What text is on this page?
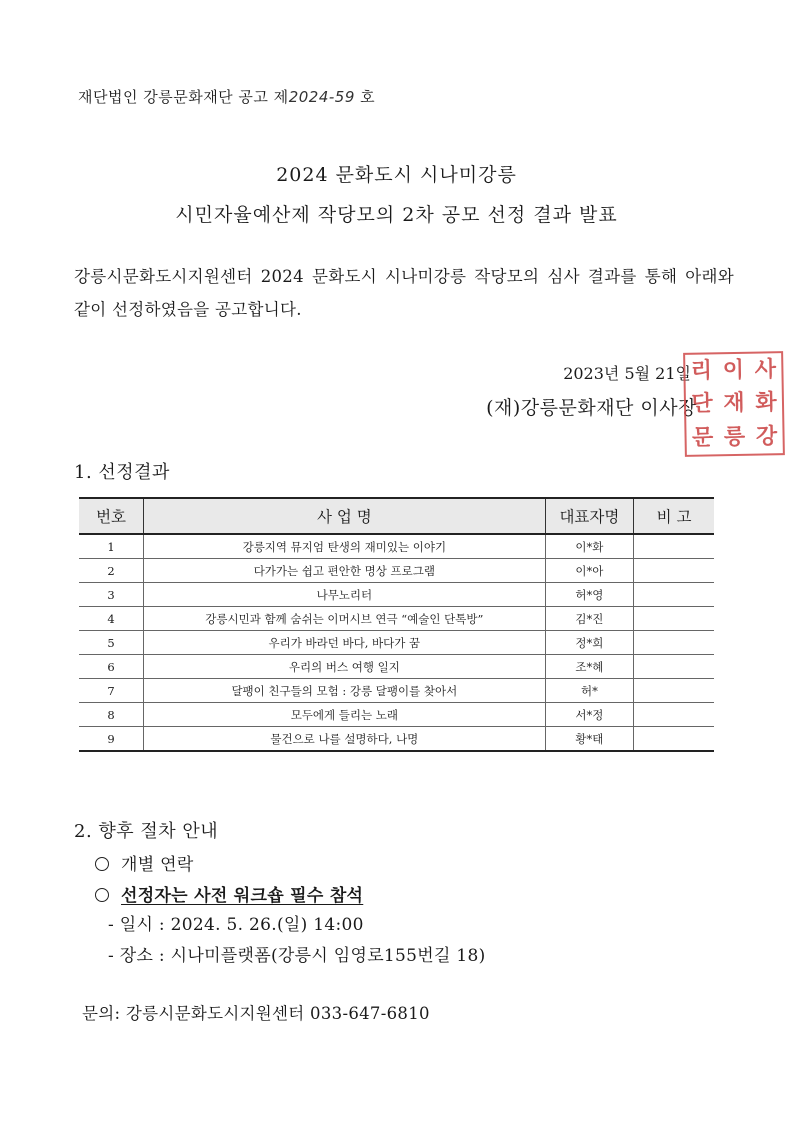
재단법인 강릉문화재단 공고 제2024-59 호
2024 문화도시 시나미강릉
시민자율예산제 작당모의 2차 공모 선정 결과 발표
강릉시문화도시지원센터 2024 문화도시 시나미강릉 작당모의 심사 결과를 통해 아래와 같이 선정하였음을 공고합니다.
2023년 5월 21일
(재)강릉문화재단 이사장
리 이 사
단 재 화
문 릉 강
1. 선정결과
번호	사 업 명	대표자명	비 고
1	강릉지역 뮤지엄 탄생의 재미있는 이야기	이*화	
2	다가가는 쉽고 편안한 명상 프로그램	이*아	
3	나무노리터	허*영	
4	강릉시민과 함께 숨쉬는 이머시브 연극 “예술인 단톡방”	김*진	
5	우리가 바라던 바다, 바다가 꿈	정*희	
6	우리의 버스 여행 일지	조*혜	
7	달팽이 친구들의 모험 : 강릉 달팽이를 찾아서	허*	
8	모두에게 들리는 노래	서*정	
9	물건으로 나를 설명하다, 나명	황*태	
2. 향후 절차 안내
개별 연락
선정자는 사전 워크숍 필수 참석
- 일시 : 2024. 5. 26.(일) 14:00
- 장소 : 시나미플랫폼(강릉시 임영로155번길 18)
문의: 강릉시문화도시지원센터 033-647-6810
